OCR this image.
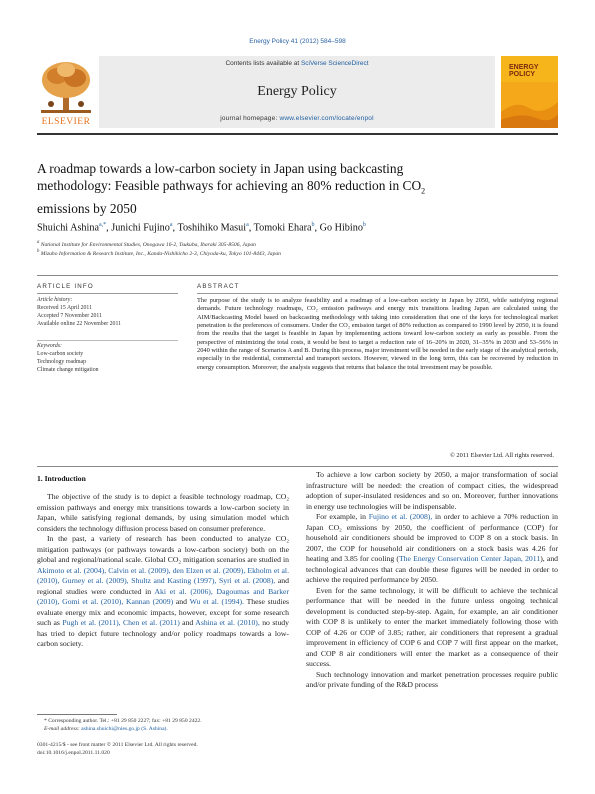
Energy Policy 41 (2012) 584–598
ELSEVIER
Contents lists available at SciVerse ScienceDirect
Energy Policy
journal homepage: www.elsevier.com/locate/enpol
ENERGY
POLICY
A roadmap towards a low-carbon society in Japan using backcasting
methodology: Feasible pathways for achieving an 80% reduction in $CO_2$
emissions by 2050
Shuichi Ashina$^{a,*}$, Junichi Fujino$^a$, Toshihiko Masui$^a$, Tomoki Ehara$^b$, Go Hibino$^b$
$^a$ National Institute for Environmental Studies, Onogawa 16-2, Tsukuba, Ibaraki 305-8506, Japan
$^b$ Mizuho Information & Research Institute, Inc., Kanda-Nishikicho 2-3, Chiyoda-ku, Tokyo 101-8443, Japan
ARTICLE INFO
Article history:
Received 15 April 2011
Accepted 7 November 2011
Available online 22 November 2011
Keywords:
Low-carbon society
Technology roadmap
Climate change mitigation
ABSTRACT
The purpose of the study is to analyze feasibility and a roadmap of a low-carbon society in Japan by 2050, while satisfying regional demands. Future technology roadmaps, CO₂ emission pathways and energy mix transitions leading Japan are calculated using the AIM/Backcasting Model based on backcasting methodology with taking into consideration that one of the keys for technological market penetration is the preferences of consumers. Under the CO₂ emission target of 80% reduction as compared to 1990 level by 2050, it is found from the results that the target is feasible in Japan by implementing actions toward low-carbon society as early as possible. From the perspective of minimizing the total costs, it would be best to target a reduction rate of 16–20% in 2020, 31–35% in 2030 and 53–56% in 2040 within the range of Scenarios A and B. During this process, major investment will be needed in the early stage of the analytical periods, especially in the residential, commercial and transport sectors. However, viewed in the long term, this can be recovered by reduction in energy consumption. Moreover, the analysis suggests that returns that balance the total investment may be possible.
© 2011 Elsevier Ltd. All rights reserved.
1. Introduction

The objective of the study is to depict a feasible technology roadmap, CO₂ emission pathways and energy mix transitions towards a low-carbon society in Japan, while satisfying regional demands, by using simulation model which considers the technology diffusion process based on consumer preference.

In the past, a variety of research has been conducted to analyze CO₂ mitigation pathways (or pathways towards a low-carbon society) both on the global and regional/national scale. Global CO₂ mitigation scenarios are studied in Akimoto et al. (2004), Calvin et al. (2009), den Elzen et al. (2009), Ekholm et al. (2010), Gurney et al. (2009), Shultz and Kasting (1997), Syri et al. (2008), and regional studies were conducted in Aki et al. (2006), Dagoumas and Barker (2010), Gomi et al. (2010), Kannan (2009) and Wu et al. (1994). These studies evaluate energy mix and economic impacts, however, except for some research such as Pugh et al. (2011), Chen et al. (2011) and Ashina et al. (2010), no study has tried to depict future technology and/or policy roadmaps towards a low-carbon society.

To achieve a low carbon society by 2050, a major transformation of social infrastructure will be needed: the creation of compact cities, the widespread adoption of super-insulated residences and so on. Moreover, further innovations in energy use technologies will be indispensable.

For example, in Fujino et al. (2008), in order to achieve a 70% reduction in Japan CO₂ emissions by 2050, the coefficient of performance (COP) for household air conditioners should be improved to COP 8 on a stock basis. In 2007, the COP for household air conditioners on a stock basis was 4.26 for heating and 3.85 for cooling (The Energy Conservation Center Japan, 2011), and technological advances that can double these figures will be needed in order to achieve the required performance by 2050.

Even for the same technology, it will be difficult to achieve the technical performance that will be needed in the future unless ongoing technical development is conducted step-by-step. Again, for example, an air conditioner with COP 8 is unlikely to enter the market immediately following those with COP of 4.26 or COP of 3.85; rather, air conditioners that represent a gradual improvement in efficiency of COP 6 and COP 7 will first appear on the market, and COP 8 air conditioners will enter the market as a consequence of their success.

Such technology innovation and market penetration processes require public and/or private funding of the R&D process

* Corresponding author. Tel.: +81 29 850 2227; fax: +81 29 850 2422.
E-mail address: ashina.shuichi@nies.go.jp (S. Ashina).
0301-4215/$ - see front matter © 2011 Elsevier Ltd. All rights reserved.
doi:10.1016/j.enpol.2011.11.020
